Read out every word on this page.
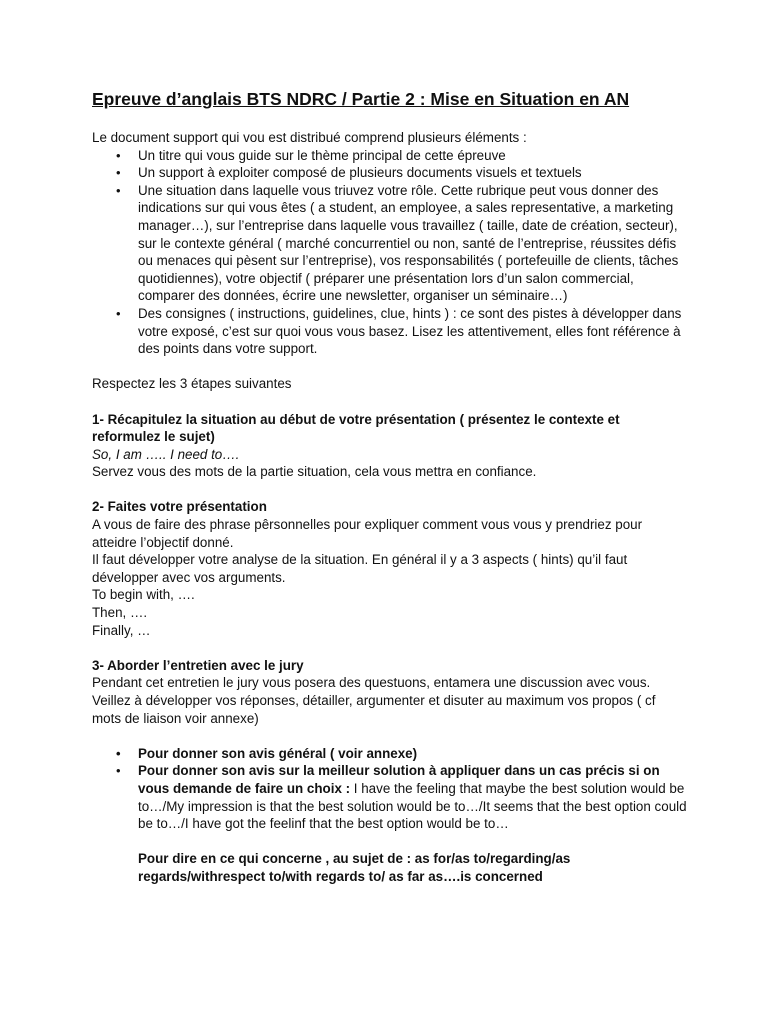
Epreuve d’anglais BTS NDRC / Partie 2 : Mise en Situation en AN

Le document support qui vou est distribué comprend plusieurs éléments :

• Un titre qui vous guide sur le thème principal de cette épreuve
• Un support à exploiter composé de plusieurs documents visuels et textuels
• Une situation dans laquelle vous triuvez votre rôle. Cette rubrique peut vous donner des indications sur qui vous êtes ( a student, an employee, a sales representative, a marketing manager…), sur l’entreprise dans laquelle vous travaillez ( taille, date de création, secteur), sur le contexte général ( marché concurrentiel ou non, santé de l’entreprise, réussites défis ou menaces qui pèsent sur l’entreprise), vos responsabilités ( portefeuille de clients, tâches quotidiennes), votre objectif ( préparer une présentation lors d’un salon commercial, comparer des données, écrire une newsletter, organiser un séminaire…)
• Des consignes ( instructions, guidelines, clue, hints ) : ce sont des pistes à développer dans votre exposé, c’est sur quoi vous vous basez. Lisez les attentivement, elles font référence à des points dans votre support.

Respectez les 3 étapes suivantes

1- Récapitulez la situation au début de votre présentation ( présentez le contexte et reformulez le sujet)

So, I am ….. I need to….

Servez vous des mots de la partie situation, cela vous mettra en confiance.

2- Faites votre présentation

A vous de faire des phrase pêrsonnelles pour expliquer comment vous vous y prendriez pour atteidre l’objectif donné.

Il faut développer votre analyse de la situation. En général il y a 3 aspects ( hints) qu’il faut développer avec vos arguments.

To begin with, ….

Then, ….

Finally, …

3- Aborder l’entretien avec le jury

Pendant cet entretien le jury vous posera des questuons, entamera une discussion avec vous. Veillez à développer vos réponses, détailler, argumenter et disuter au maximum vos propos ( cf mots de liaison voir annexe)

• Pour donner son avis général ( voir annexe)
• Pour donner son avis sur la meilleur solution à appliquer dans un cas précis si on vous demande de faire un choix : I have the feeling that maybe the best solution would be to…/My impression is that the best solution would be to…/It seems that the best option could be to…/I have got the feelinf that the best option would be to…

Pour dire en ce qui concerne , au sujet de : as for/as to/regarding/as regards/withrespect to/with regards to/ as far as….is concerned
